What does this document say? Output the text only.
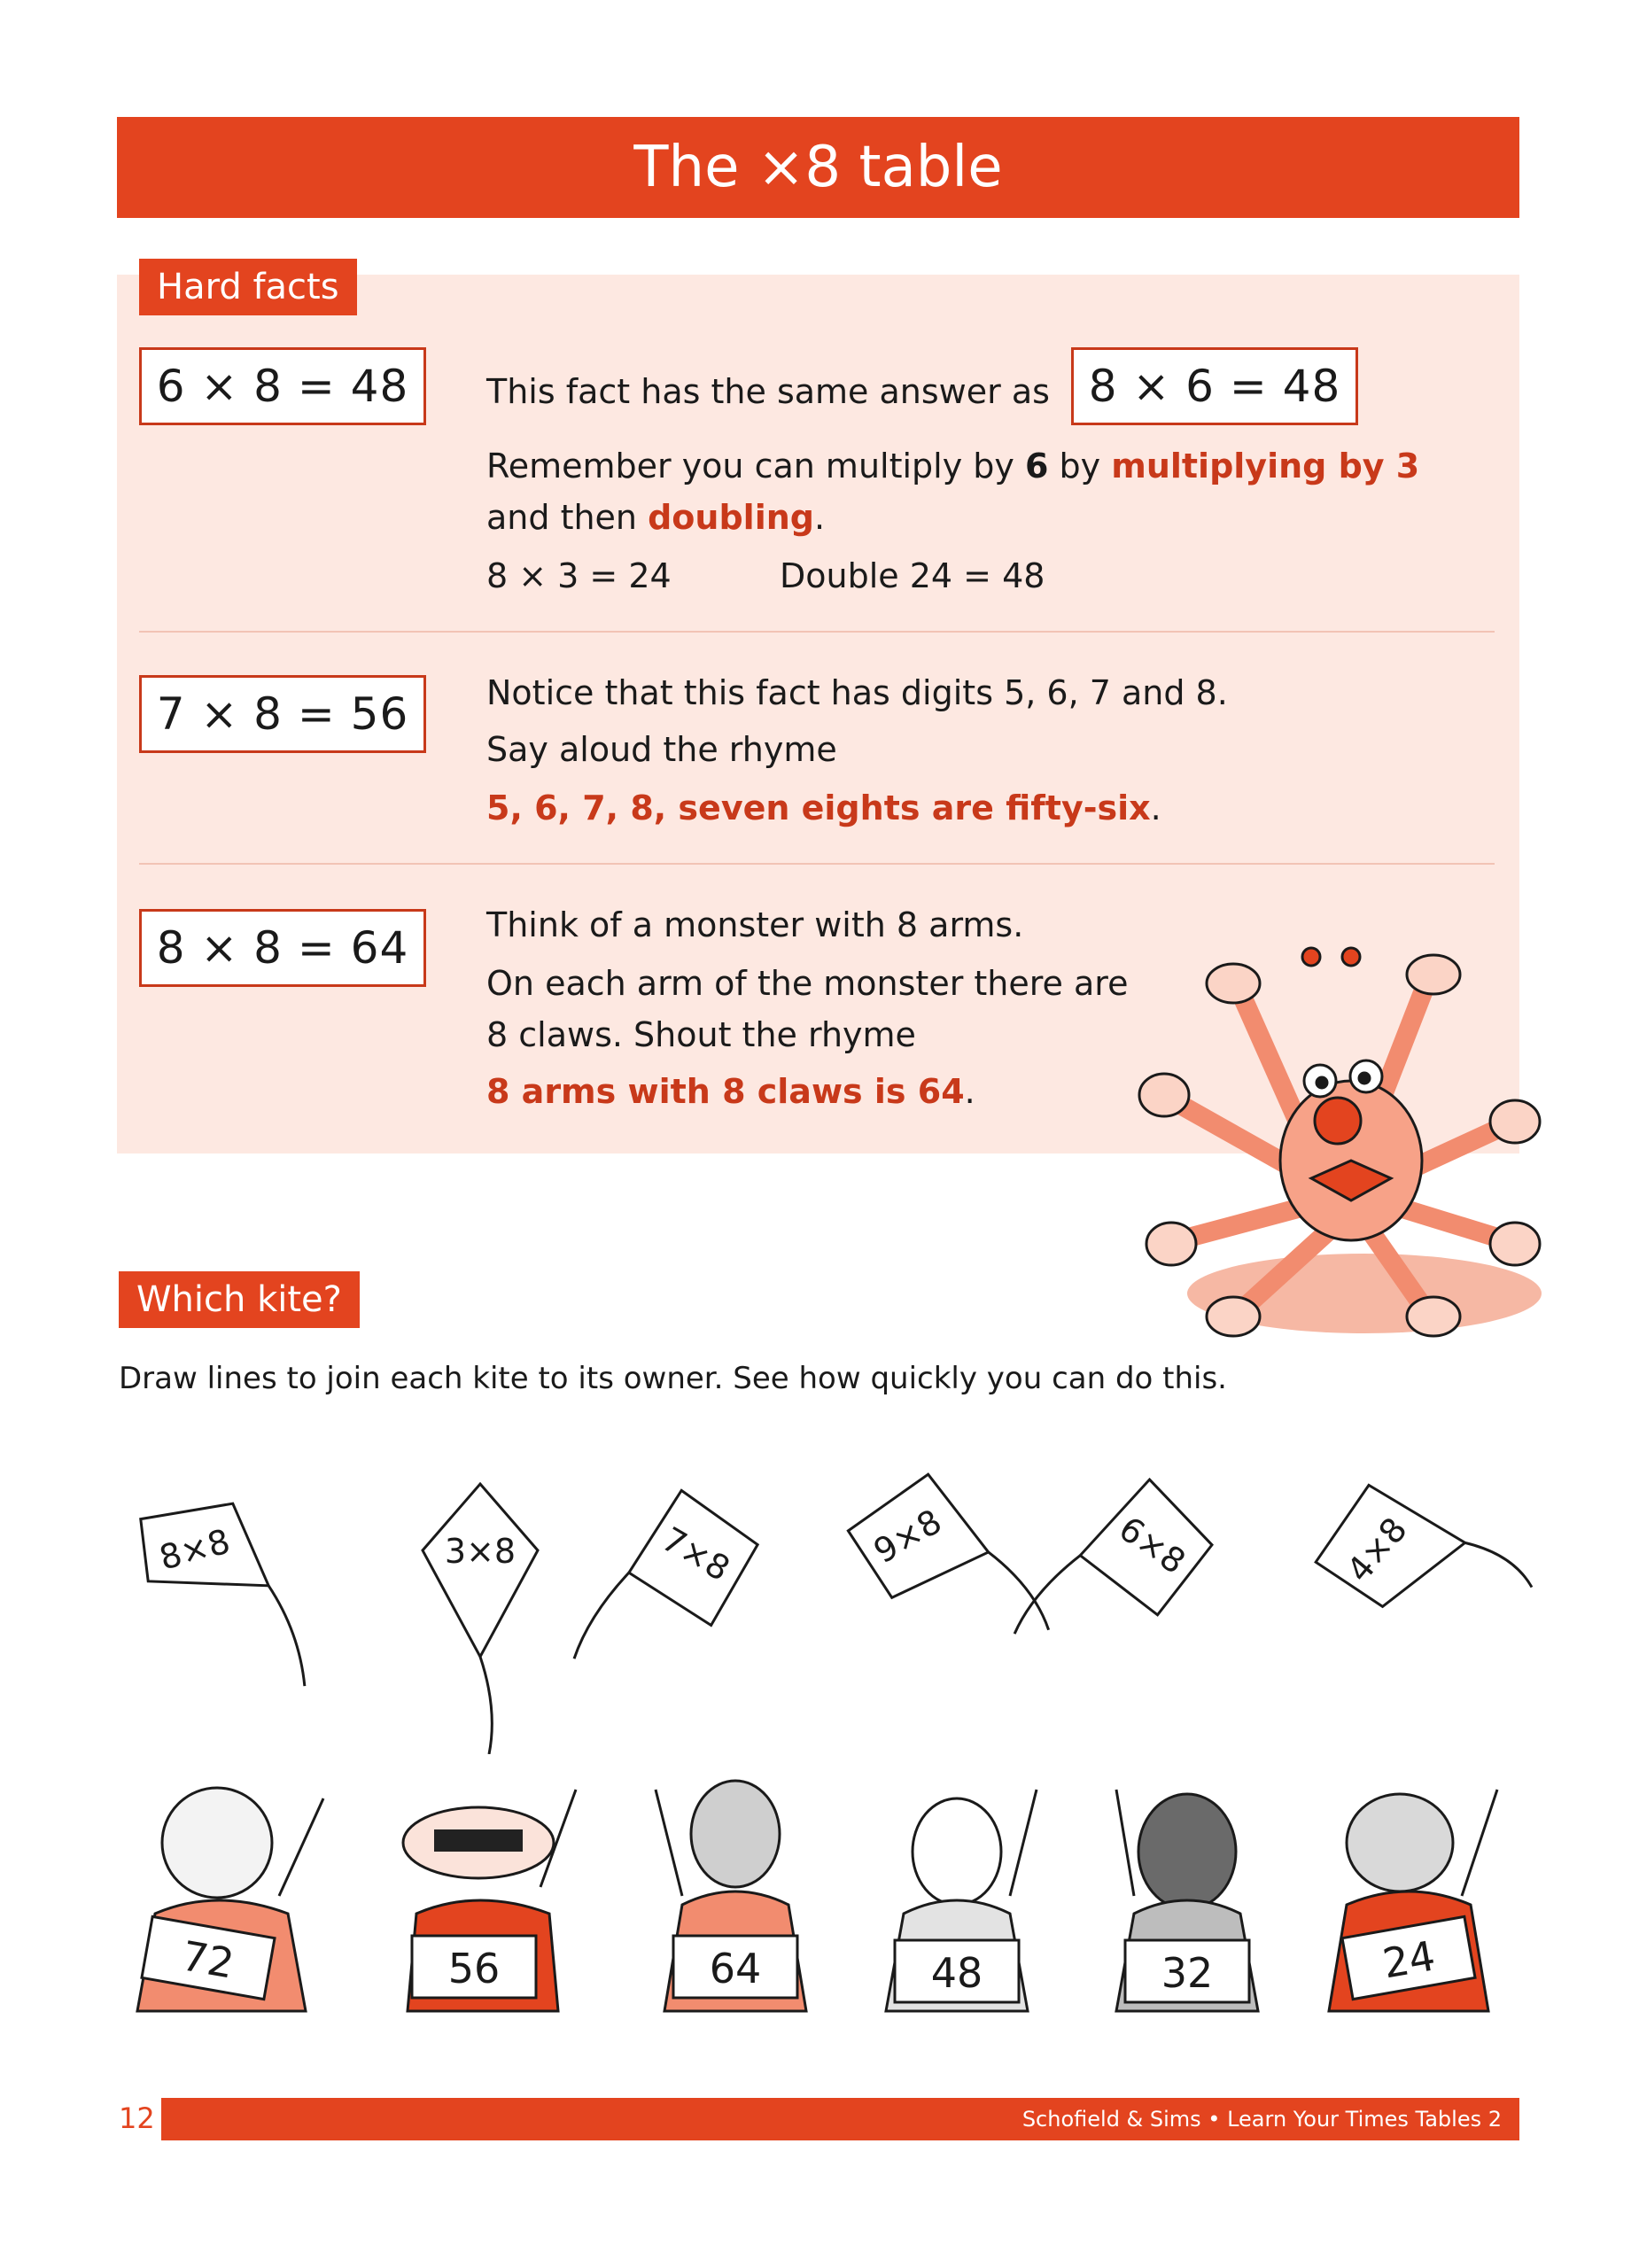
The ×8 table
Hard facts
6 × 8 = 48	This fact has the same answer as 8 × 6 = 48
Remember you can multiply by 6 by multiplying by 3
and then doubling.
8 × 3 = 24	Double 24 = 48
7 × 8 = 56	Notice that this fact has digits 5, 6, 7 and 8.
Say aloud the rhyme
5, 6, 7, 8, seven eights are fifty-six.
8 × 8 = 64	Think of a monster with 8 arms.
On each arm of the monster there are
8 claws. Shout the rhyme
8 arms with 8 claws is 64.
Which kite?
Draw lines to join each kite to its owner. See how quickly you can do this.
8×8	3×8	7×8	9×8	6×8	4×8
72	56	64	48	32	24
12	Schofield & Sims • Learn Your Times Tables 2
